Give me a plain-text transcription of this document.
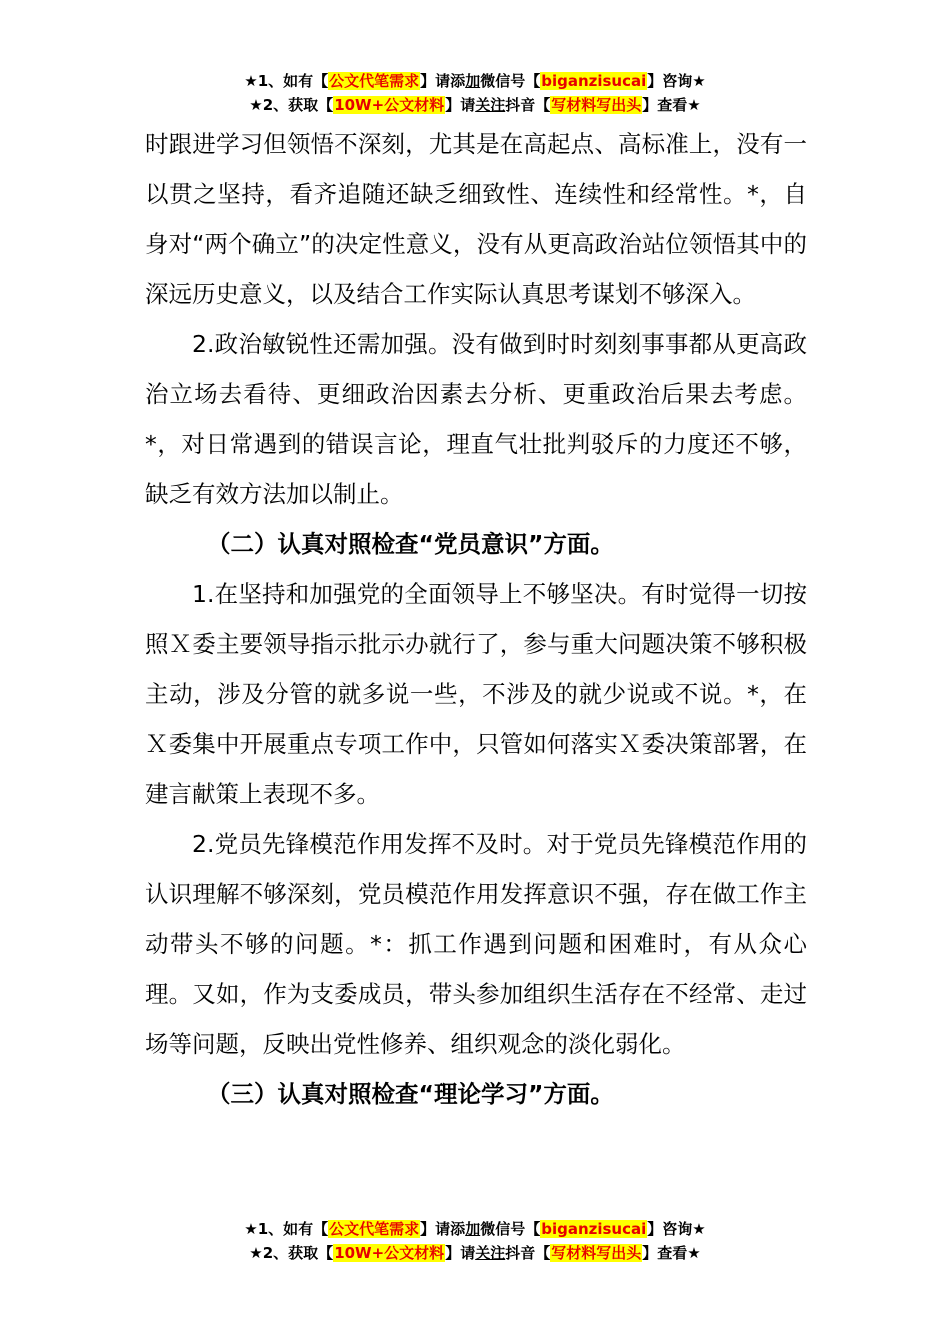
★1、如有【公文代笔需求】请添加微信号【biganzisucai】咨询★
★2、获取【10W+公文材料】请关注抖音【写材料写出头】查看★

时跟进学习但领悟不深刻，尤其是在高起点、高标准上，没有一以贯之坚持，看齐追随还缺乏细致性、连续性和经常性。*，自身对“两个确立”的决定性意义，没有从更高政治站位领悟其中的深远历史意义，以及结合工作实际认真思考谋划不够深入。

2.政治敏锐性还需加强。没有做到时时刻刻事事都从更高政治立场去看待、更细政治因素去分析、更重政治后果去考虑。*，对日常遇到的错误言论，理直气壮批判驳斥的力度还不够，缺乏有效方法加以制止。

（二）认真对照检查“党员意识”方面。

1.在坚持和加强党的全面领导上不够坚决。有时觉得一切按照Ｘ委主要领导指示批示办就行了，参与重大问题决策不够积极主动，涉及分管的就多说一些，不涉及的就少说或不说。*，在Ｘ委集中开展重点专项工作中，只管如何落实Ｘ委决策部署，在建言献策上表现不多。

2.党员先锋模范作用发挥不及时。对于党员先锋模范作用的认识理解不够深刻，党员模范作用发挥意识不强，存在做工作主动带头不够的问题。*：抓工作遇到问题和困难时，有从众心理。又如，作为支委成员，带头参加组织生活存在不经常、走过场等问题，反映出党性修养、组织观念的淡化弱化。

（三）认真对照检查“理论学习”方面。

★1、如有【公文代笔需求】请添加微信号【biganzisucai】咨询★
★2、获取【10W+公文材料】请关注抖音【写材料写出头】查看★
